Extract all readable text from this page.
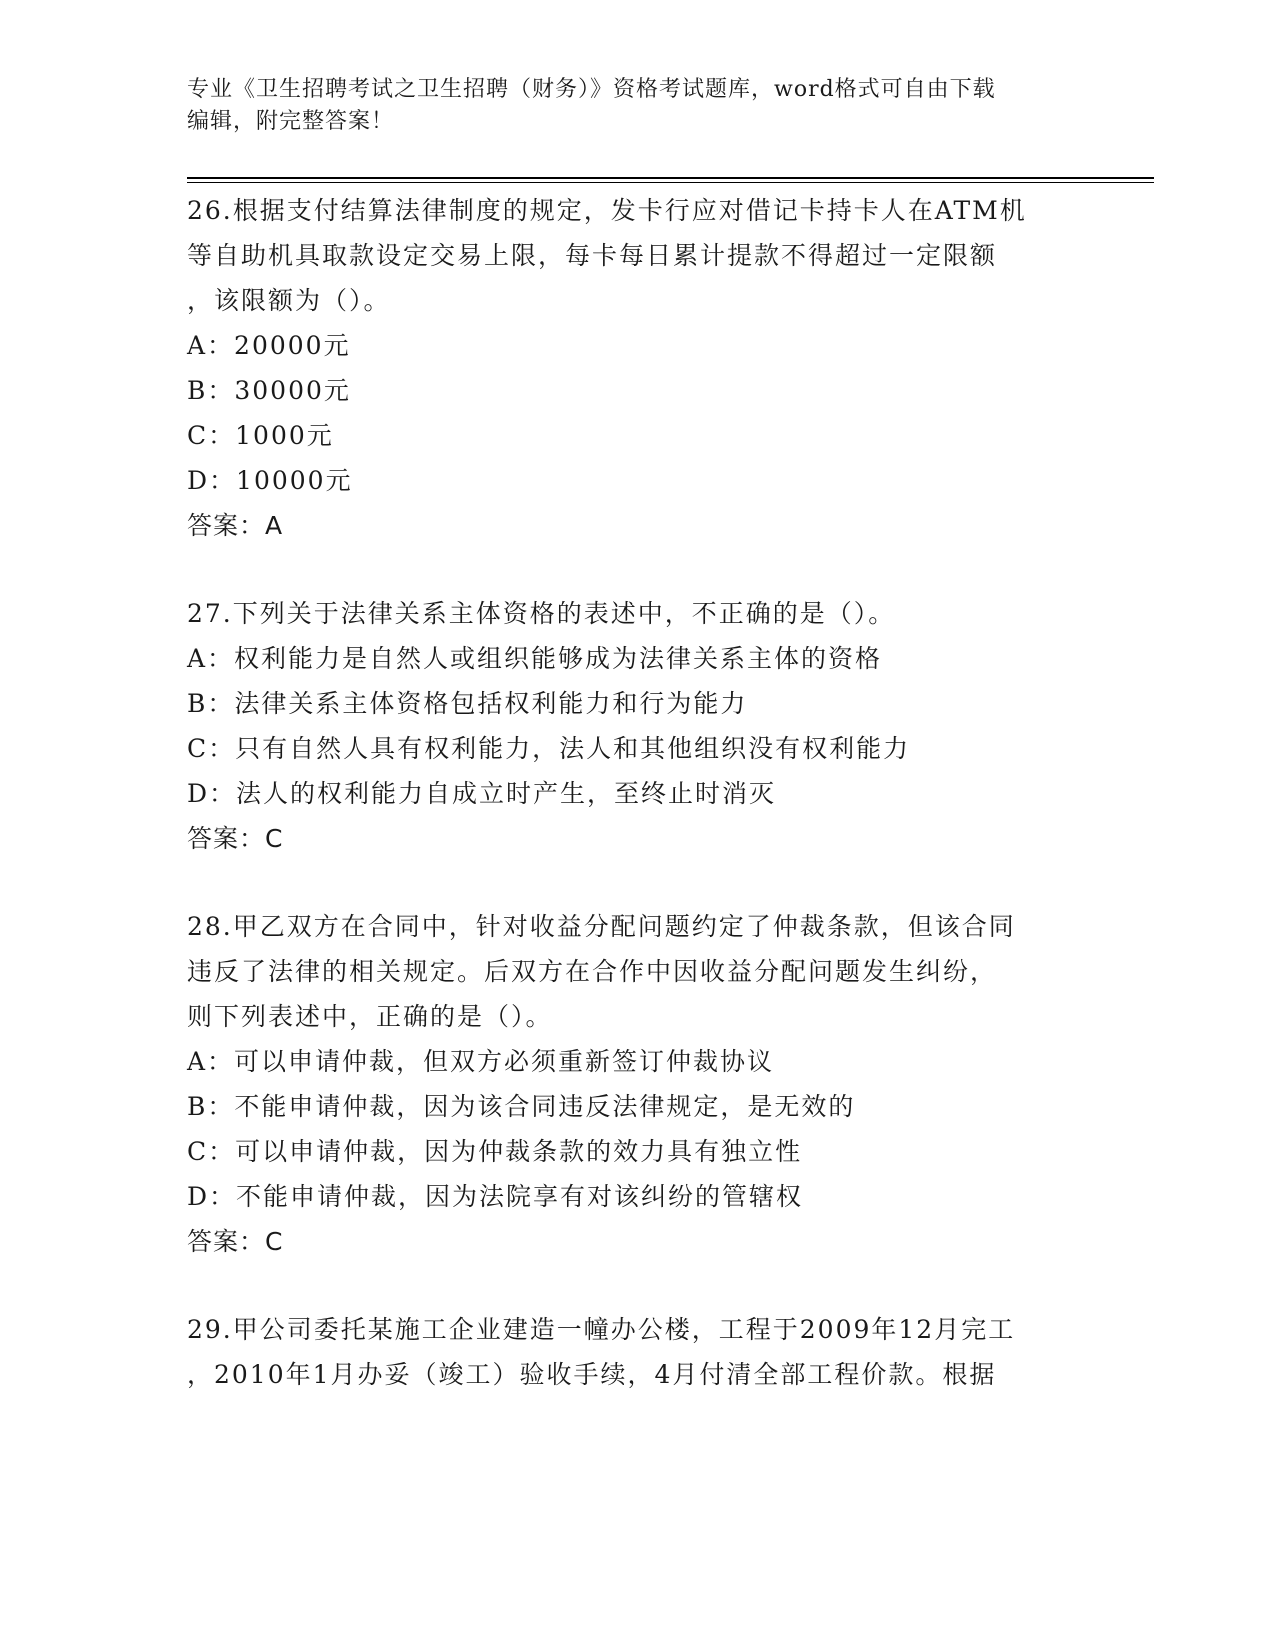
专业《卫生招聘考试之卫生招聘（财务）》资格考试题库，word格式可自由下载

编辑，附完整答案！

26.根据支付结算法律制度的规定，发卡行应对借记卡持卡人在ATM机
等自助机具取款设定交易上限，每卡每日累计提款不得超过一定限额
，该限额为（）。
A：20000元
B：30000元
C：1000元
D：10000元
答案：A
27.下列关于法律关系主体资格的表述中，不正确的是（）。
A：权利能力是自然人或组织能够成为法律关系主体的资格
B：法律关系主体资格包括权利能力和行为能力
C：只有自然人具有权利能力，法人和其他组织没有权利能力
D：法人的权利能力自成立时产生，至终止时消灭
答案：C
28.甲乙双方在合同中，针对收益分配问题约定了仲裁条款，但该合同
违反了法律的相关规定。后双方在合作中因收益分配问题发生纠纷，
则下列表述中，正确的是（）。
A：可以申请仲裁，但双方必须重新签订仲裁协议
B：不能申请仲裁，因为该合同违反法律规定，是无效的
C：可以申请仲裁，因为仲裁条款的效力具有独立性
D：不能申请仲裁，因为法院享有对该纠纷的管辖权
答案：C
29.甲公司委托某施工企业建造一幢办公楼，工程于2009年12月完工
，2010年1月办妥（竣工）验收手续，4月付清全部工程价款。根据
